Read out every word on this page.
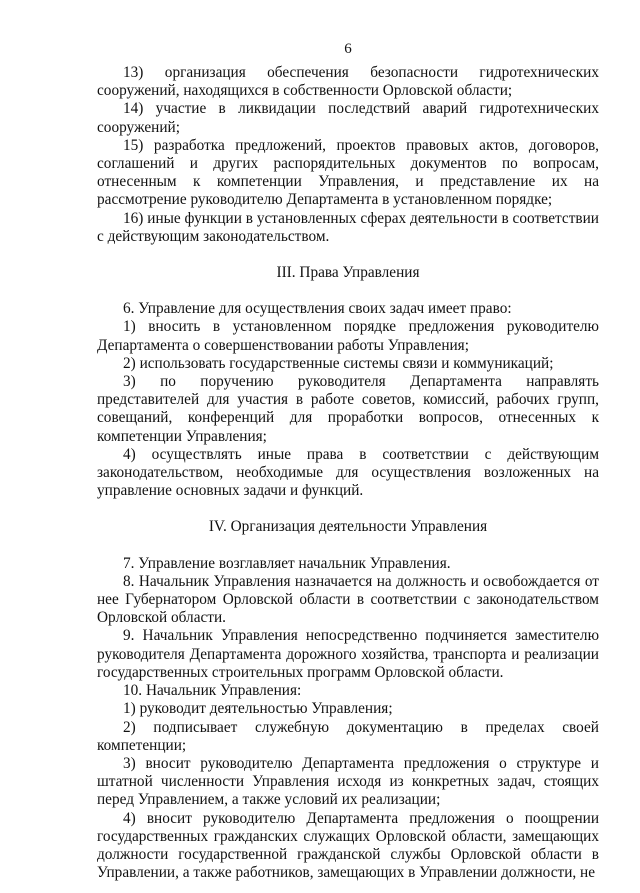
6

13) организация обеспечения безопасности гидротехнических сооружений, находящихся в собственности Орловской области;

14) участие в ликвидации последствий аварий гидротехнических сооружений;

15) разработка предложений, проектов правовых актов, договоров, соглашений и других распорядительных документов по вопросам, отнесенным к компетенции Управления, и представление их на рассмотрение руководителю Департамента в установленном порядке;

16) иные функции в установленных сферах деятельности в соответствии с действующим законодательством.

III. Права Управления

6. Управление для осуществления своих задач имеет право:

1) вносить в установленном порядке предложения руководителю Департамента о совершенствовании работы Управления;

2) использовать государственные системы связи и коммуникаций;

3) по поручению руководителя Департамента направлять представителей для участия в работе советов, комиссий, рабочих групп, совещаний, конференций для проработки вопросов, отнесенных к компетенции Управления;

4) осуществлять иные права в соответствии с действующим законодательством, необходимые для осуществления возложенных на управление основных задачи и функций.

IV. Организация деятельности Управления

7. Управление возглавляет начальник Управления.

8. Начальник Управления назначается на должность и освобождается от нее Губернатором Орловской области в соответствии с законодательством Орловской области.

9. Начальник Управления непосредственно подчиняется заместителю руководителя Департамента дорожного хозяйства, транспорта и реализации государственных строительных программ Орловской области.

10. Начальник Управления:

1) руководит деятельностью Управления;

2) подписывает служебную документацию в пределах своей компетенции;

3) вносит руководителю Департамента предложения о структуре и штатной численности Управления исходя из конкретных задач, стоящих перед Управлением, а также условий их реализации;

4) вносит руководителю Департамента предложения о поощрении государственных гражданских служащих Орловской области, замещающих должности государственной гражданской службы Орловской области в Управлении, а также работников, замещающих в Управлении должности, не
